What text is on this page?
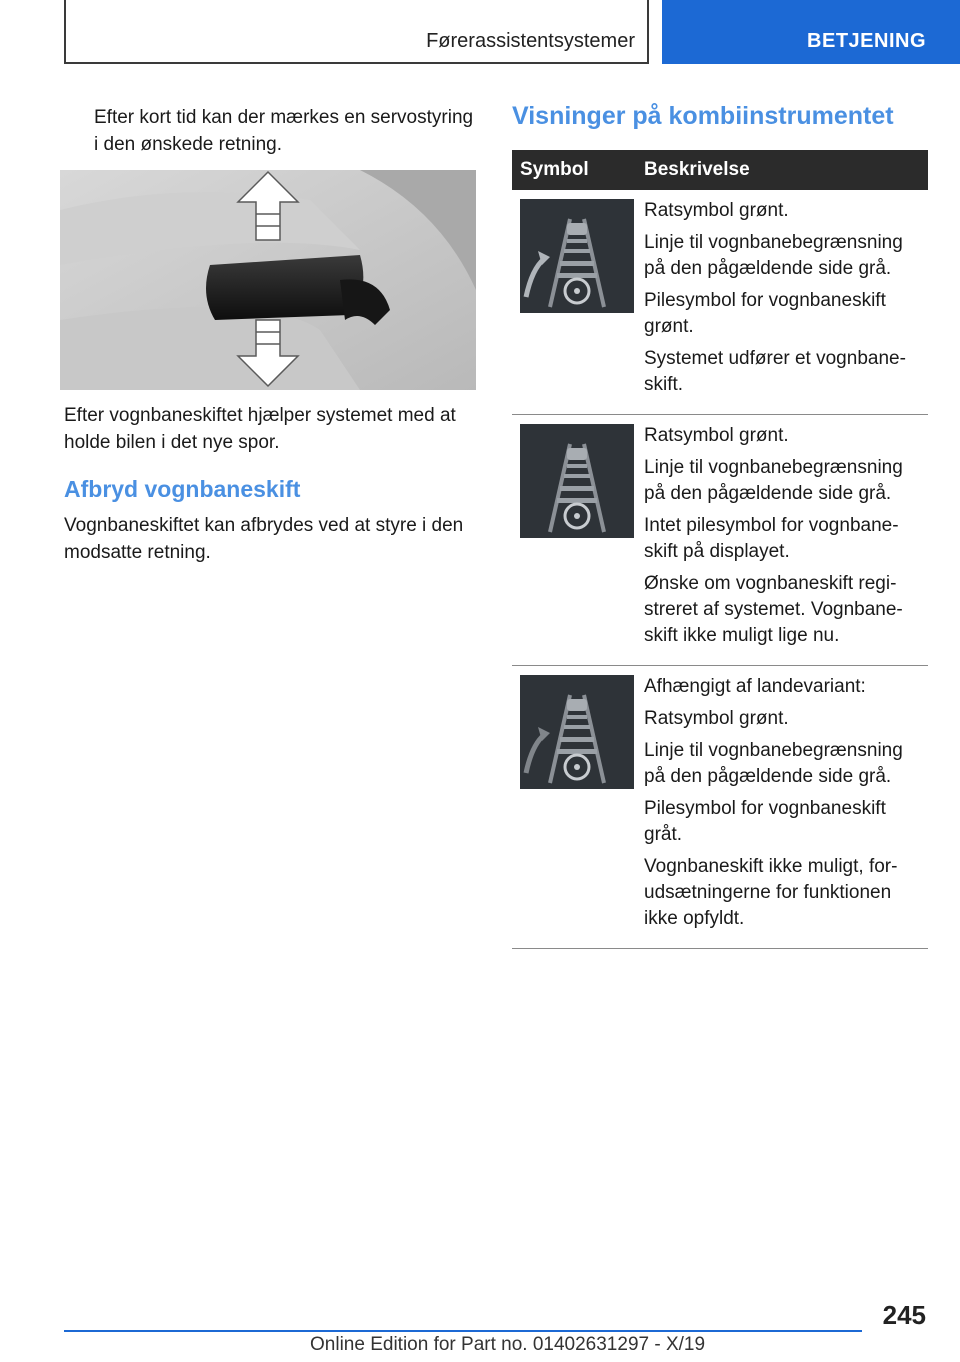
Førerassistentsystemer	BETJENING

Efter kort tid kan der mærkes en servostyring i den ønskede retning.

Efter vognbaneskiftet hjælper systemet med at holde bilen i det nye spor.

Afbryd vognbaneskift

Vognbaneskiftet kan afbrydes ved at styre i den modsatte retning.

Visninger på kombiinstrumentet
Symbol	Beskrivelse

Ratsymbol grønt.

Linje til vognbanebegrænsning på den pågældende side grå.

Pilesymbol for vognbaneskift grønt.

Systemet udfører et vognbane-skift.

Ratsymbol grønt.

Linje til vognbanebegrænsning på den pågældende side grå.

Intet pilesymbol for vognbane-skift på displayet.

Ønske om vognbaneskift regi-streret af systemet. Vognbane-skift ikke muligt lige nu.

Afhængigt af landevariant:

Ratsymbol grønt.

Linje til vognbanebegrænsning på den pågældende side grå.

Pilesymbol for vognbaneskift gråt.

Vognbaneskift ikke muligt, for-udsætningerne for funktionen ikke opfyldt.

245
Online Edition for Part no. 01402631297 - X/19
